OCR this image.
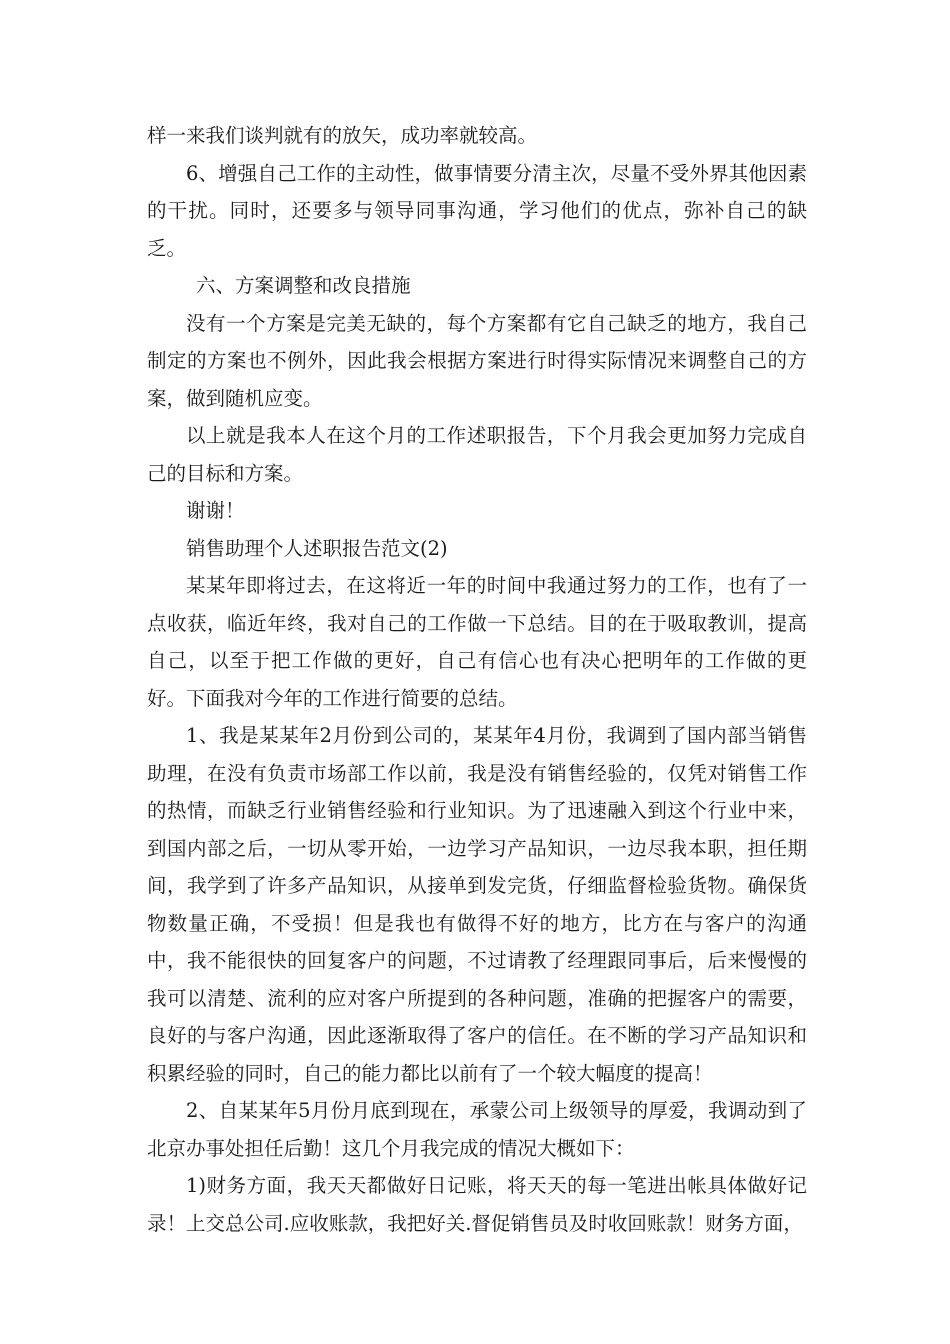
样一来我们谈判就有的放矢，成功率就较高。

6、增强自己工作的主动性，做事情要分清主次，尽量不受外界其他因素的干扰。同时，还要多与领导同事沟通，学习他们的优点，弥补自己的缺乏。

六、方案调整和改良措施

没有一个方案是完美无缺的，每个方案都有它自己缺乏的地方，我自己制定的方案也不例外，因此我会根据方案进行时得实际情况来调整自己的方案，做到随机应变。

以上就是我本人在这个月的工作述职报告，下个月我会更加努力完成自己的目标和方案。

谢谢！

销售助理个人述职报告范文(2)

某某年即将过去，在这将近一年的时间中我通过努力的工作，也有了一点收获，临近年终，我对自己的工作做一下总结。目的在于吸取教训，提高自己，以至于把工作做的更好，自己有信心也有决心把明年的工作做的更好。下面我对今年的工作进行简要的总结。

1、我是某某年2月份到公司的，某某年4月份，我调到了国内部当销售助理，在没有负责市场部工作以前，我是没有销售经验的，仅凭对销售工作的热情，而缺乏行业销售经验和行业知识。为了迅速融入到这个行业中来，到国内部之后，一切从零开始，一边学习产品知识，一边尽我本职，担任期间，我学到了许多产品知识，从接单到发完货，仔细监督检验货物。确保货物数量正确，不受损！但是我也有做得不好的地方，比方在与客户的沟通中，我不能很快的回复客户的问题，不过请教了经理跟同事后，后来慢慢的我可以清楚、流利的应对客户所提到的各种问题，准确的把握客户的需要，良好的与客户沟通，因此逐渐取得了客户的信任。在不断的学习产品知识和积累经验的同时，自己的能力都比以前有了一个较大幅度的提高！

2、自某某年5月份月底到现在，承蒙公司上级领导的厚爱，我调动到了北京办事处担任后勤！这几个月我完成的情况大概如下：

1)财务方面，我天天都做好日记账，将天天的每一笔进出帐具体做好记录！上交总公司.应收账款，我把好关.督促销售员及时收回账款！财务方面，
